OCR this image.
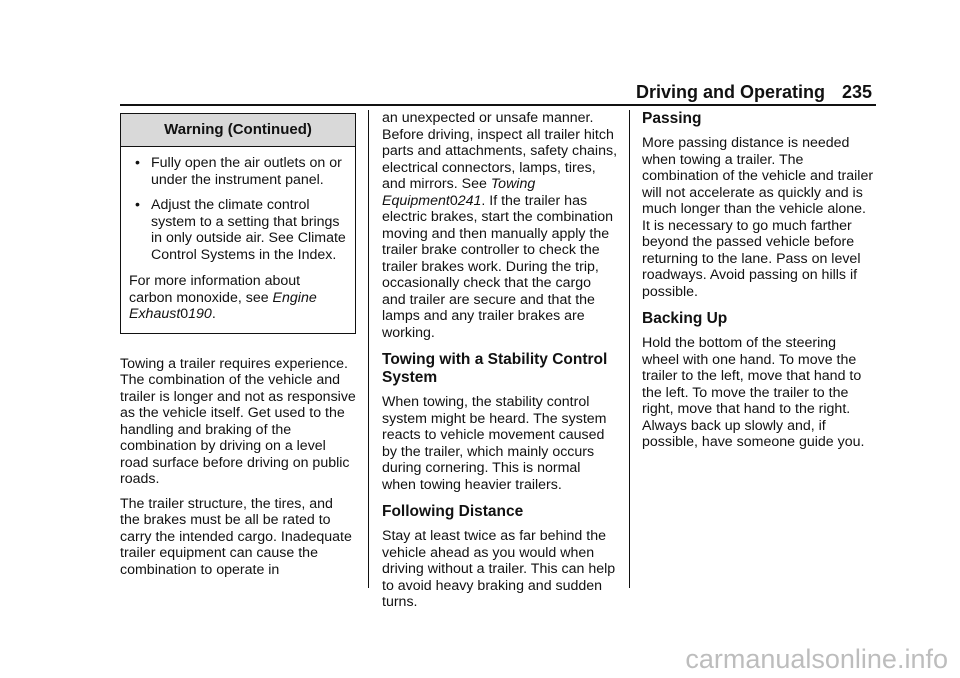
Driving and Operating 235
Warning (Continued)
• Fully open the air outlets on or under the instrument panel.
• Adjust the climate control system to a setting that brings in only outside air. See Climate Control Systems in the Index.
For more information about carbon monoxide, see Engine Exhaust0190.

Towing a trailer requires experience. The combination of the vehicle and trailer is longer and not as responsive as the vehicle itself. Get used to the handling and braking of the combination by driving on a level road surface before driving on public roads.

The trailer structure, the tires, and the brakes must be all be rated to carry the intended cargo. Inadequate trailer equipment can cause the combination to operate in

an unexpected or unsafe manner. Before driving, inspect all trailer hitch parts and attachments, safety chains, electrical connectors, lamps, tires, and mirrors. See Towing Equipment0241. If the trailer has electric brakes, start the combination moving and then manually apply the trailer brake controller to check the trailer brakes work. During the trip, occasionally check that the cargo and trailer are secure and that the lamps and any trailer brakes are working.

Towing with a Stability Control System

When towing, the stability control system might be heard. The system reacts to vehicle movement caused by the trailer, which mainly occurs during cornering. This is normal when towing heavier trailers.

Following Distance

Stay at least twice as far behind the vehicle ahead as you would when driving without a trailer. This can help to avoid heavy braking and sudden turns.

Passing

More passing distance is needed when towing a trailer. The combination of the vehicle and trailer will not accelerate as quickly and is much longer than the vehicle alone. It is necessary to go much farther beyond the passed vehicle before returning to the lane. Pass on level roadways. Avoid passing on hills if possible.

Backing Up

Hold the bottom of the steering wheel with one hand. To move the trailer to the left, move that hand to the left. To move the trailer to the right, move that hand to the right. Always back up slowly and, if possible, have someone guide you.

carmanualsonline.info
